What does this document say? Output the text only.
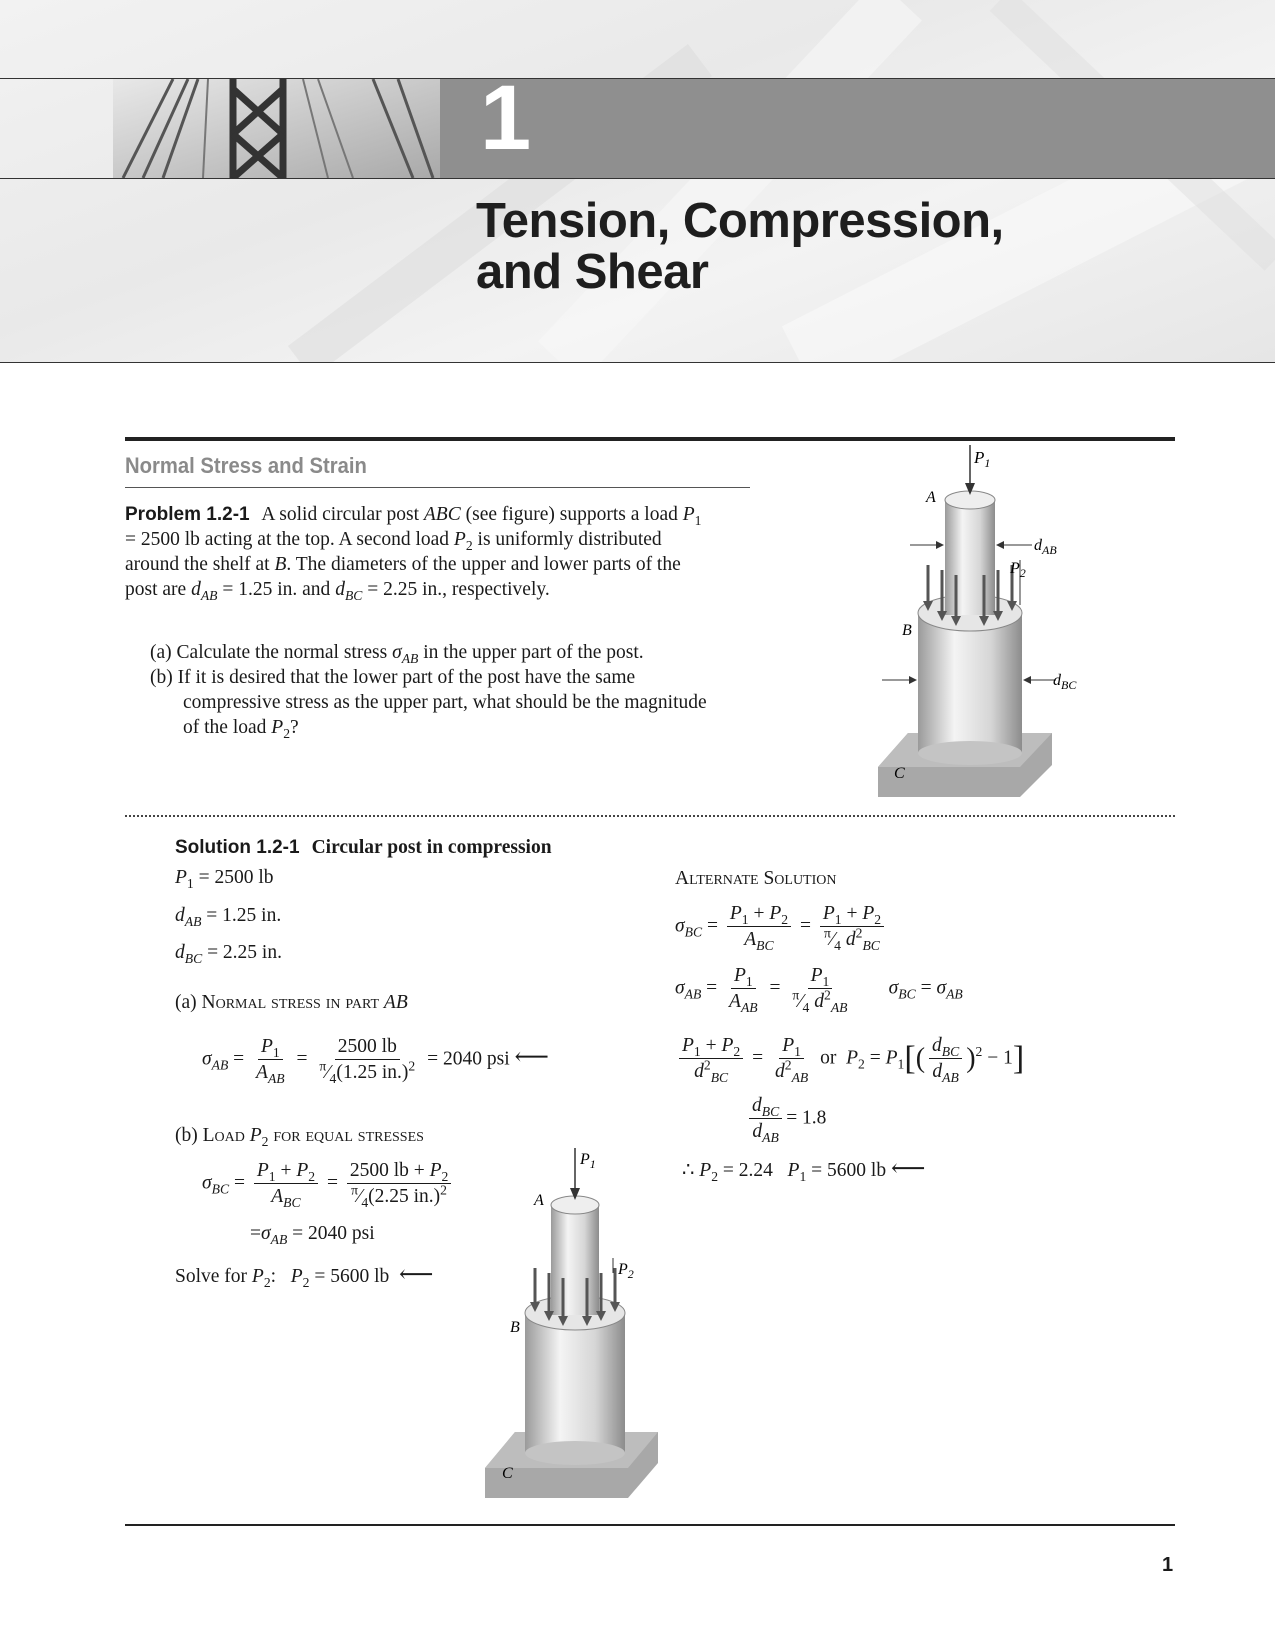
1
Tension, Compression,
and Shear
Normal Stress and Strain
Problem 1.2-1 A solid circular post ABC (see figure) supports a load $P_1 = 2500$ lb acting at the top. A second load $P_2$ is uniformly distributed around the shelf at B. The diameters of the upper and lower parts of the post are $d_{AB} = 1.25$ in. and $d_{BC} = 2.25$ in., respectively.
(a) Calculate the normal stress $\sigma_{AB}$ in the upper part of the post.
(b) If it is desired that the lower part of the post have the same compressive stress as the upper part, what should be the magnitude of the load $P_2$?
$P_1$
A
$d_{AB}$
$P_2$
B
$d_{BC}$
C
Solution 1.2-1 Circular post in compression
$P_1 = 2500$ lb
$d_{AB} = 1.25$ in.
$d_{BC} = 2.25$ in.
(a) Normal stress in part AB
$\sigma_{AB} = \frac{P_1}{A_{AB}} = \frac{2500 lb}{^\pi⁄_4(1.25 in.)^2} = 2040$ psi ⟵
(b) Load $P_2$ for equal stresses
$\sigma_{BC} = \frac{P_1 + P_2}{A_{BC}} = \frac{2500 lb + P_2}{^\pi⁄_4(2.25 in.)^2}$
$=\sigma_{AB} = 2040$ psi
Solve for $P_2$:   $P_2 = 5600$ lb ⟵
$P_1$
A
$P_2$
B
C
Alternate Solution
$\sigma_{BC} = \frac{P_1 + P_2}{A_{BC}} = \frac{P_1 + P_2}{^\pi⁄_4 d^2_{BC}}$
$\sigma_{AB} = \frac{P_1}{A_{AB}} = \frac{P_1}{^\pi⁄_4 d^2_{AB}} \sigma_{BC} = \sigma_{AB}$
$\frac{P_1 + P_2}{d^2_{BC}} = \frac{P_1}{d^2_{AB}}$ or  $P_2 = P_1[( \frac{d_{BC}}{d_{AB}} )^2 - 1]$
$\frac{d_{BC}}{d_{AB}} = 1.8$
∴ $P_2 = 2.24$   $P_1 = 5600$ lb ⟵
1
